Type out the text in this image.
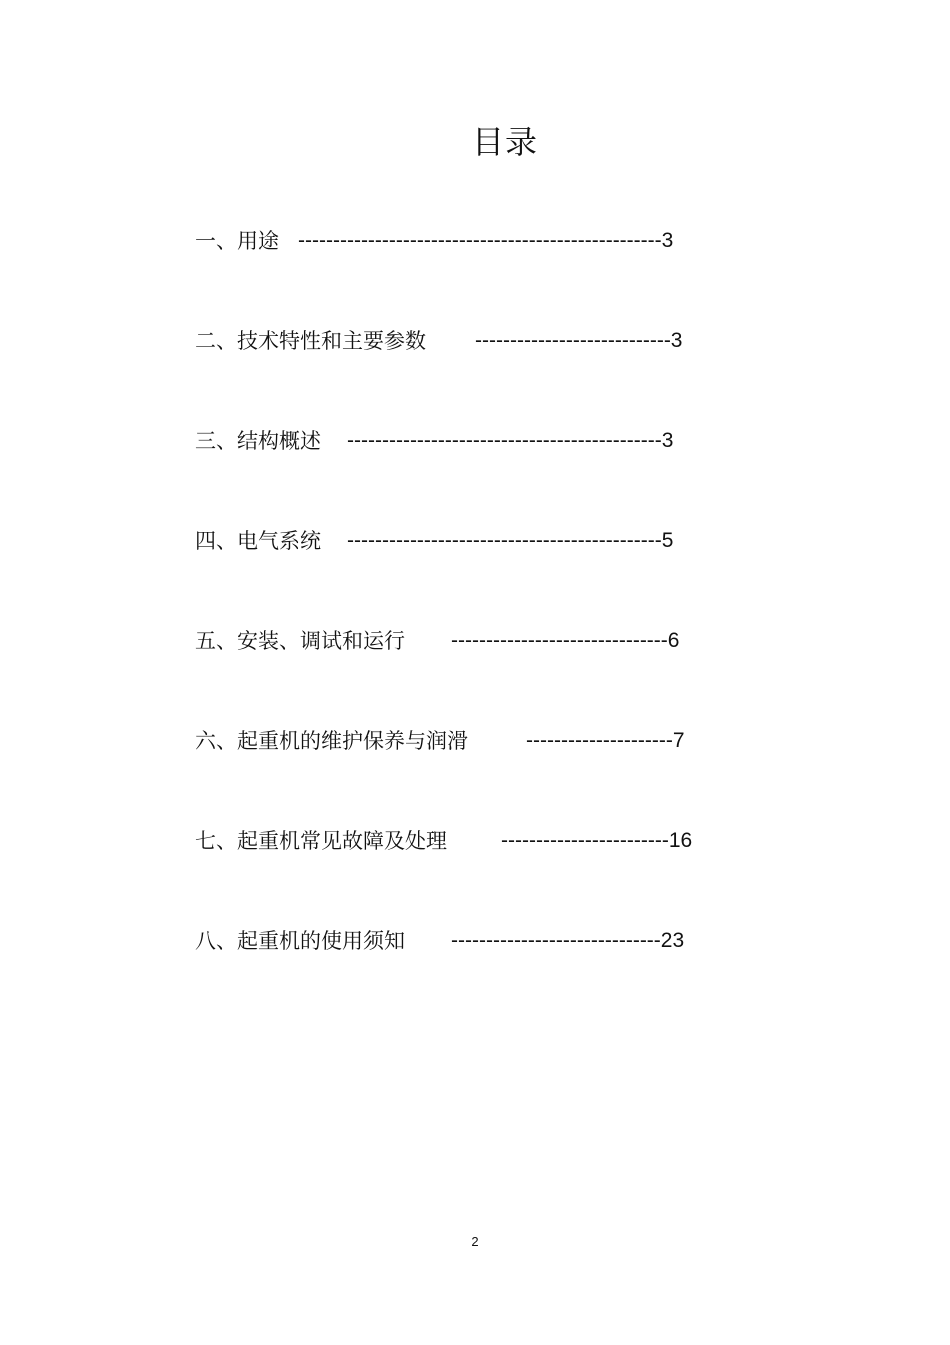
目录
一、用途 ----------------------------------------------------3
二、技术特性和主要参数 ----------------------------3
三、结构概述 ---------------------------------------------3
四、电气系统 ---------------------------------------------5
五、安装、调试和运行 -------------------------------6
六、起重机的维护保养与润滑	---------------------7
七、起重机常见故障及处理	------------------------16
八、起重机的使用须知 ------------------------------23
2
